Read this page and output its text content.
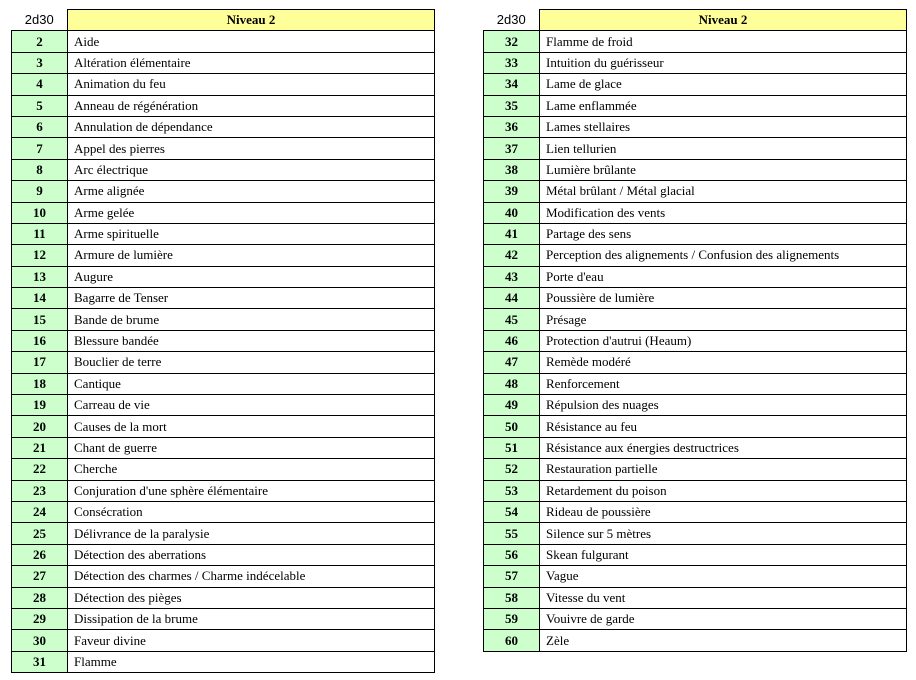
2d30	Niveau 2
2	Aide
3	Altération élémentaire
4	Animation du feu
5	Anneau de régénération
6	Annulation de dépendance
7	Appel des pierres
8	Arc électrique
9	Arme alignée
10	Arme gelée
11	Arme spirituelle
12	Armure de lumière
13	Augure
14	Bagarre de Tenser
15	Bande de brume
16	Blessure bandée
17	Bouclier de terre
18	Cantique
19	Carreau de vie
20	Causes de la mort
21	Chant de guerre
22	Cherche
23	Conjuration d'une sphère élémentaire
24	Consécration
25	Délivrance de la paralysie
26	Détection des aberrations
27	Détection des charmes / Charme indécelable
28	Détection des pièges
29	Dissipation de la brume
30	Faveur divine
31	Flamme
2d30	Niveau 2
32	Flamme de froid
33	Intuition du guérisseur
34	Lame de glace
35	Lame enflammée
36	Lames stellaires
37	Lien tellurien
38	Lumière brûlante
39	Métal brûlant / Métal glacial
40	Modification des vents
41	Partage des sens
42	Perception des alignements / Confusion des alignements
43	Porte d'eau
44	Poussière de lumière
45	Présage
46	Protection d'autrui (Heaum)
47	Remède modéré
48	Renforcement
49	Répulsion des nuages
50	Résistance au feu
51	Résistance aux énergies destructrices
52	Restauration partielle
53	Retardement du poison
54	Rideau de poussière
55	Silence sur 5 mètres
56	Skean fulgurant
57	Vague
58	Vitesse du vent
59	Vouivre de garde
60	Zèle
